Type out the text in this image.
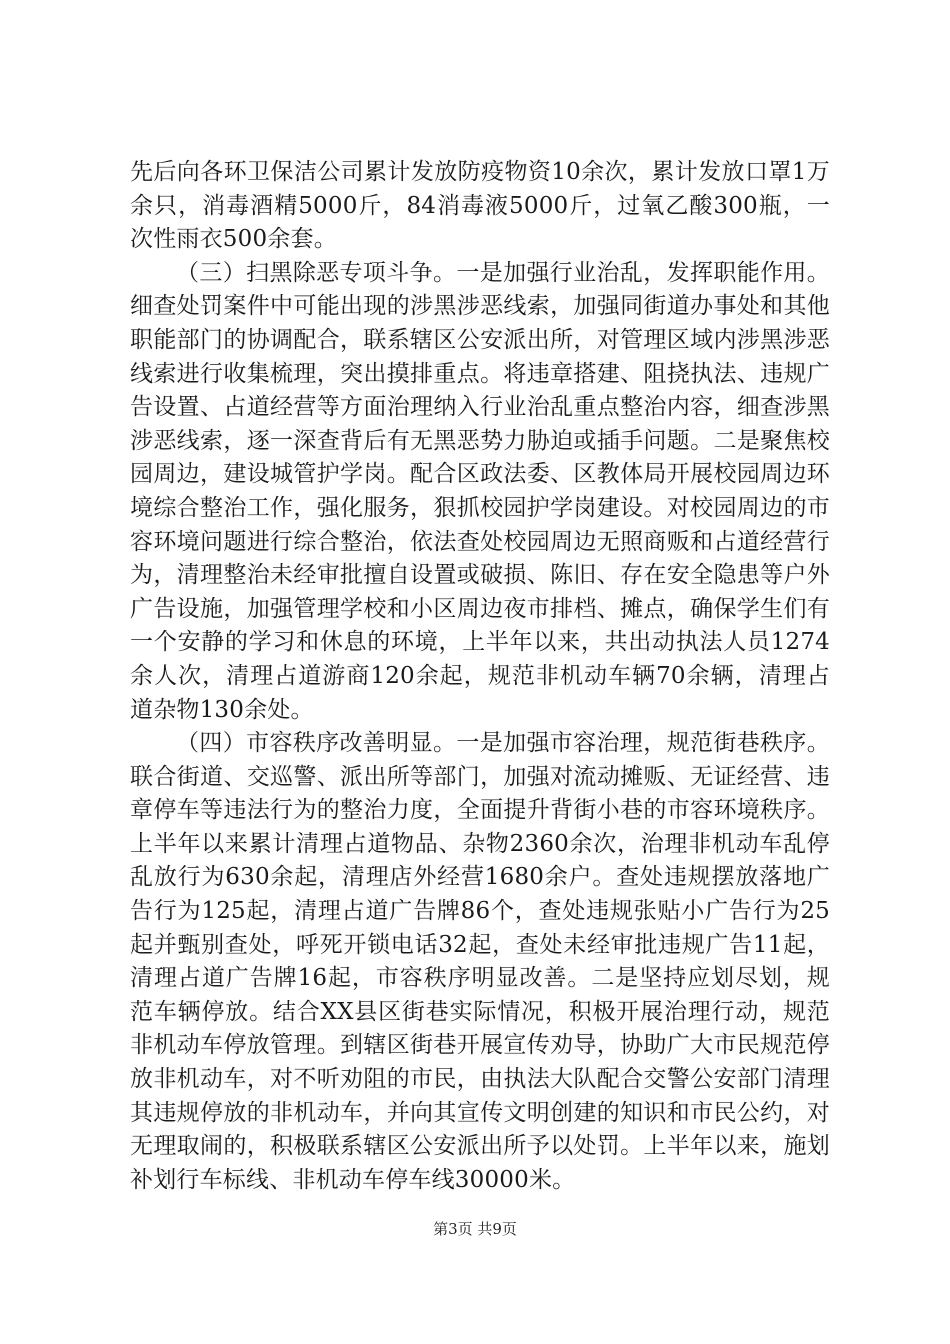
先后向各环卫保洁公司累计发放防疫物资10余次，累计发放口罩1万余只，消毒酒精5000斤，84消毒液5000斤，过氧乙酸300瓶，一次性雨衣500余套。

（三）扫黑除恶专项斗争。一是加强行业治乱，发挥职能作用。细查处罚案件中可能出现的涉黑涉恶线索，加强同街道办事处和其他职能部门的协调配合，联系辖区公安派出所，对管理区域内涉黑涉恶线索进行收集梳理，突出摸排重点。将违章搭建、阻挠执法、违规广告设置、占道经营等方面治理纳入行业治乱重点整治内容，细查涉黑涉恶线索，逐一深查背后有无黑恶势力胁迫或插手问题。二是聚焦校园周边，建设城管护学岗。配合区政法委、区教体局开展校园周边环境综合整治工作，强化服务，狠抓校园护学岗建设。对校园周边的市容环境问题进行综合整治，依法查处校园周边无照商贩和占道经营行为，清理整治未经审批擅自设置或破损、陈旧、存在安全隐患等户外广告设施，加强管理学校和小区周边夜市排档、摊点，确保学生们有一个安静的学习和休息的环境，上半年以来，共出动执法人员1274余人次，清理占道游商120余起，规范非机动车辆70余辆，清理占道杂物130余处。

（四）市容秩序改善明显。一是加强市容治理，规范街巷秩序。联合街道、交巡警、派出所等部门，加强对流动摊贩、无证经营、违章停车等违法行为的整治力度，全面提升背街小巷的市容环境秩序。上半年以来累计清理占道物品、杂物2360余次，治理非机动车乱停乱放行为630余起，清理店外经营1680余户。查处违规摆放落地广告行为125起，清理占道广告牌86个，查处违规张贴小广告行为25起并甄别查处，呼死开锁电话32起，查处未经审批违规广告11起，清理占道广告牌16起，市容秩序明显改善。二是坚持应划尽划，规范车辆停放。结合XX县区街巷实际情况，积极开展治理行动，规范非机动车停放管理。到辖区街巷开展宣传劝导，协助广大市民规范停放非机动车，对不听劝阻的市民，由执法大队配合交警公安部门清理其违规停放的非机动车，并向其宣传文明创建的知识和市民公约，对无理取闹的，积极联系辖区公安派出所予以处罚。上半年以来，施划补划行车标线、非机动车停车线30000米。

第3页 共9页
